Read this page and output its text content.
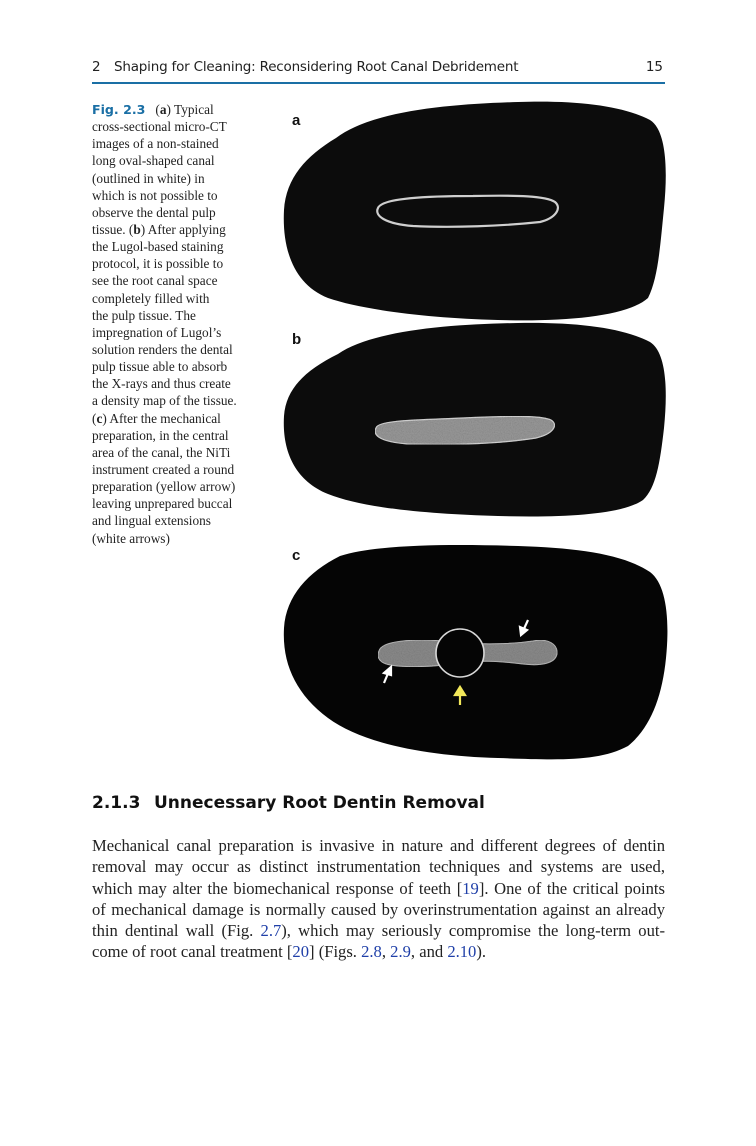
2 Shaping for Cleaning: Reconsidering Root Canal Debridement	15
Fig. 2.3 (a) Typical
cross-sectional micro-CT
images of a non-stained
long oval-shaped canal
(outlined in white) in
which is not possible to
observe the dental pulp
tissue. (b) After applying
the Lugol-based staining
protocol, it is possible to
see the root canal space
completely filled with
the pulp tissue. The
impregnation of Lugol’s
solution renders the dental
pulp tissue able to absorb
the X-rays and thus create
a density map of the tissue.
(c) After the mechanical
preparation, in the central
area of the canal, the NiTi
instrument created a round
preparation (yellow arrow)
leaving unprepared buccal
and lingual extensions
(white arrows)
a
b
c
2.1.3 Unnecessary Root Dentin Removal
Mechanical canal preparation is invasive in nature and different degrees of dentin
removal may occur as distinct instrumentation techniques and systems are used,
which may alter the biomechanical response of teeth [19]. One of the critical points
of mechanical damage is normally caused by overinstrumentation against an already
thin dentinal wall (Fig. 2.7), which may seriously compromise the long-term out-
come of root canal treatment [20] (Figs. 2.8, 2.9, and 2.10).
